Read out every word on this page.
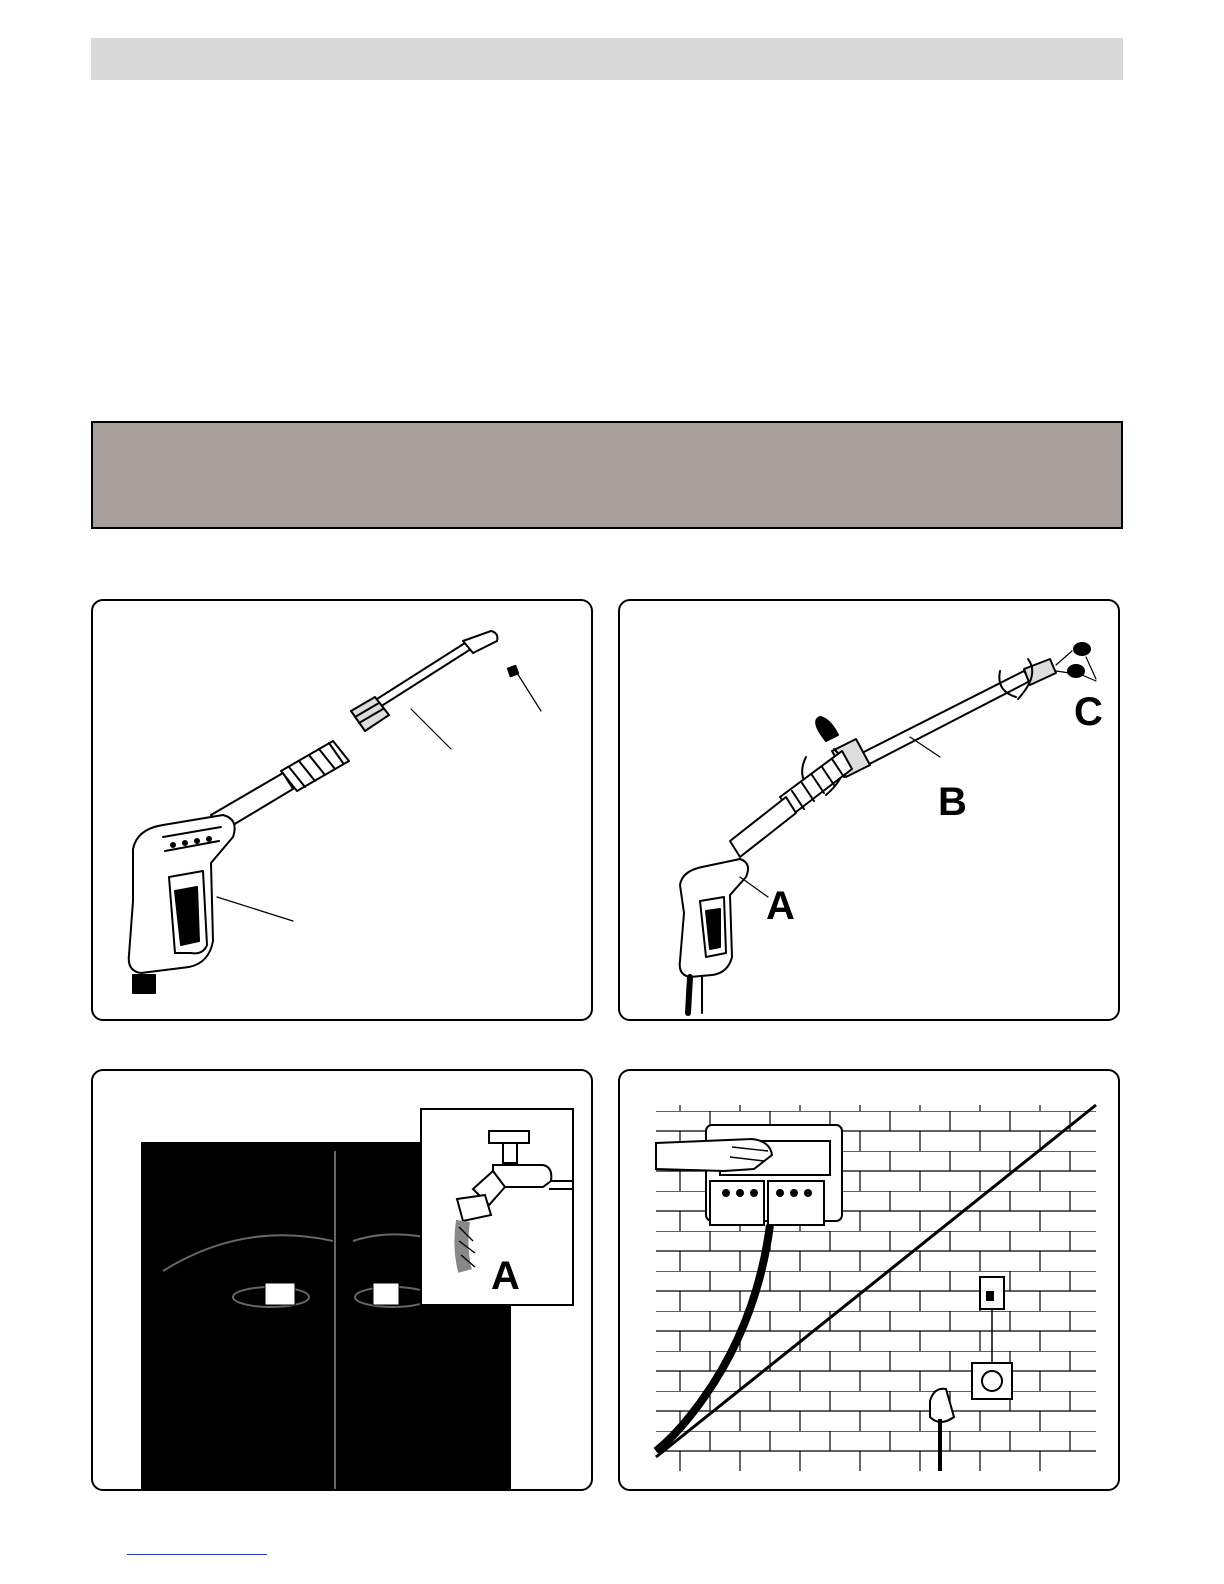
A
B
C
A
